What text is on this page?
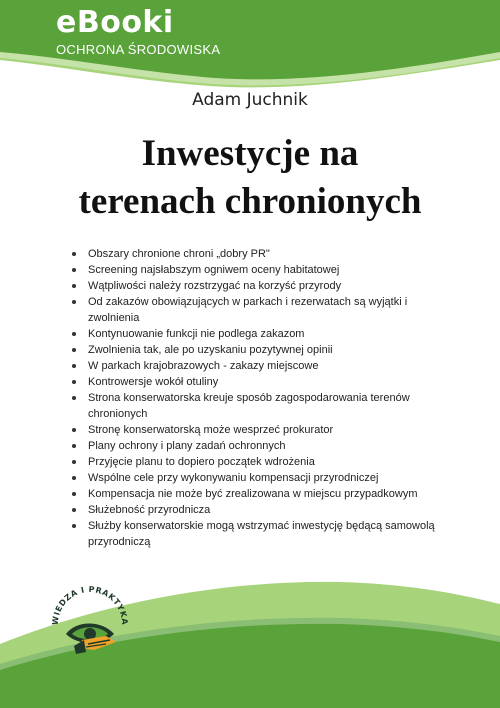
eBooki
OCHRONA ŚRODOWISKA
Adam Juchnik
Inwestycje na
terenach chronionych
Obszary chronione chroni „dobry PR"
Screening najsłabszym ogniwem oceny habitatowej
Wątpliwości należy rozstrzygać na korzyść przyrody
Od zakazów obowiązujących w parkach i rezerwatach są wyjątki i zwolnienia
Kontynuowanie funkcji nie podlega zakazom
Zwolnienia tak, ale po uzyskaniu pozytywnej opinii
W parkach krajobrazowych - zakazy miejscowe
Kontrowersje wokół otuliny
Strona konserwatorska kreuje sposób zagospodarowania terenów chronionych
Stronę konserwatorską może wesprzeć prokurator
Plany ochrony i plany zadań ochronnych
Przyjęcie planu to dopiero początek wdrożenia
Wspólne cele przy wykonywaniu kompensacji przyrodniczej
Kompensacja nie może być zrealizowana w miejscu przypadkowym
Służebność przyrodnicza
Służby konserwatorskie mogą wstrzymać inwestycję będącą samowolą przyrodniczą
WIEDZA I PRAKTYKA
